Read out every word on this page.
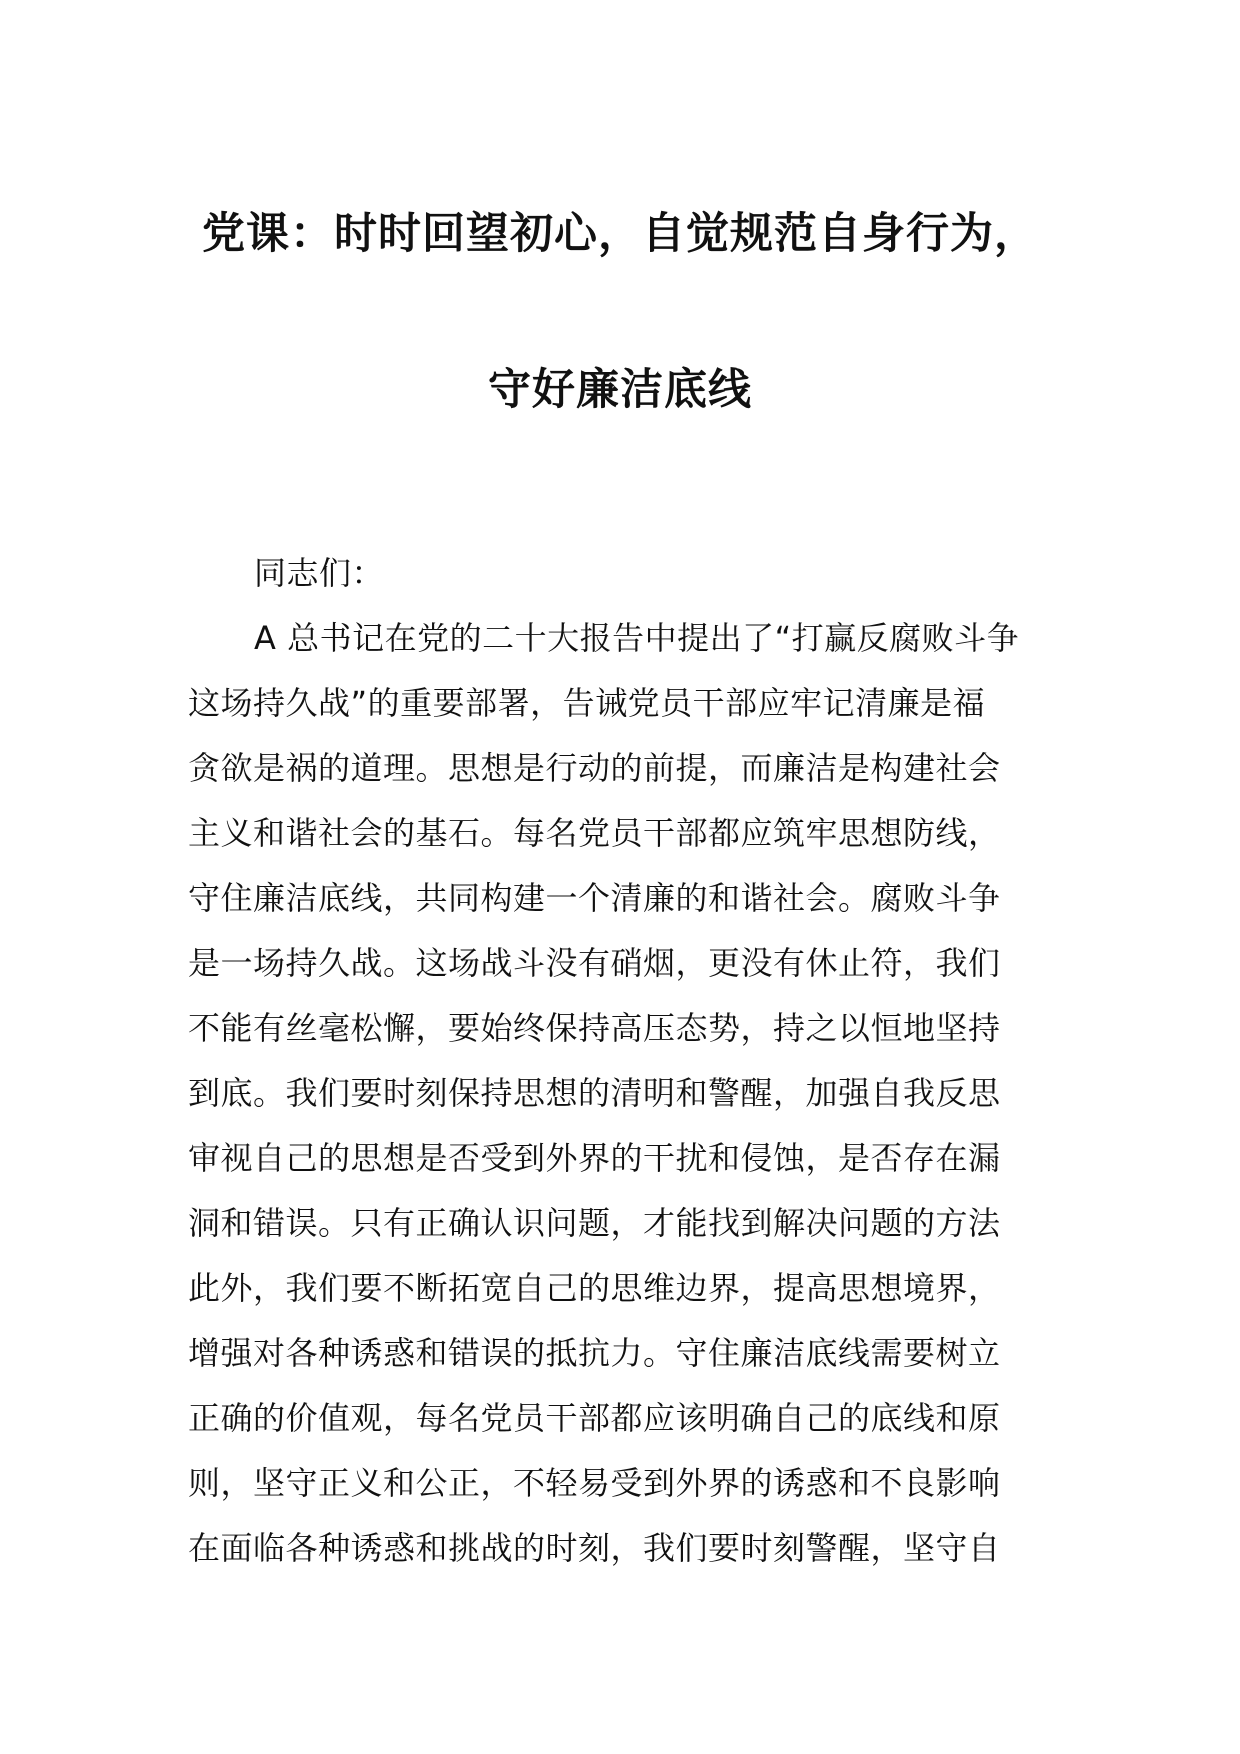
党课：时时回望初心，自觉规范自身行为，
守好廉洁底线
同志们：
A 总书记在党的二十大报告中提出了“打赢反腐败斗争
这场持久战”的重要部署，告诫党员干部应牢记清廉是福
贪欲是祸的道理。思想是行动的前提，而廉洁是构建社会
主义和谐社会的基石。每名党员干部都应筑牢思想防线，
守住廉洁底线，共同构建一个清廉的和谐社会。腐败斗争
是一场持久战。这场战斗没有硝烟，更没有休止符，我们
不能有丝毫松懈，要始终保持高压态势，持之以恒地坚持
到底。我们要时刻保持思想的清明和警醒，加强自我反思
审视自己的思想是否受到外界的干扰和侵蚀，是否存在漏
洞和错误。只有正确认识问题，才能找到解决问题的方法
此外，我们要不断拓宽自己的思维边界，提高思想境界，
增强对各种诱惑和错误的抵抗力。守住廉洁底线需要树立
正确的价值观，每名党员干部都应该明确自己的底线和原
则，坚守正义和公正，不轻易受到外界的诱惑和不良影响
在面临各种诱惑和挑战的时刻，我们要时刻警醒，坚守自
